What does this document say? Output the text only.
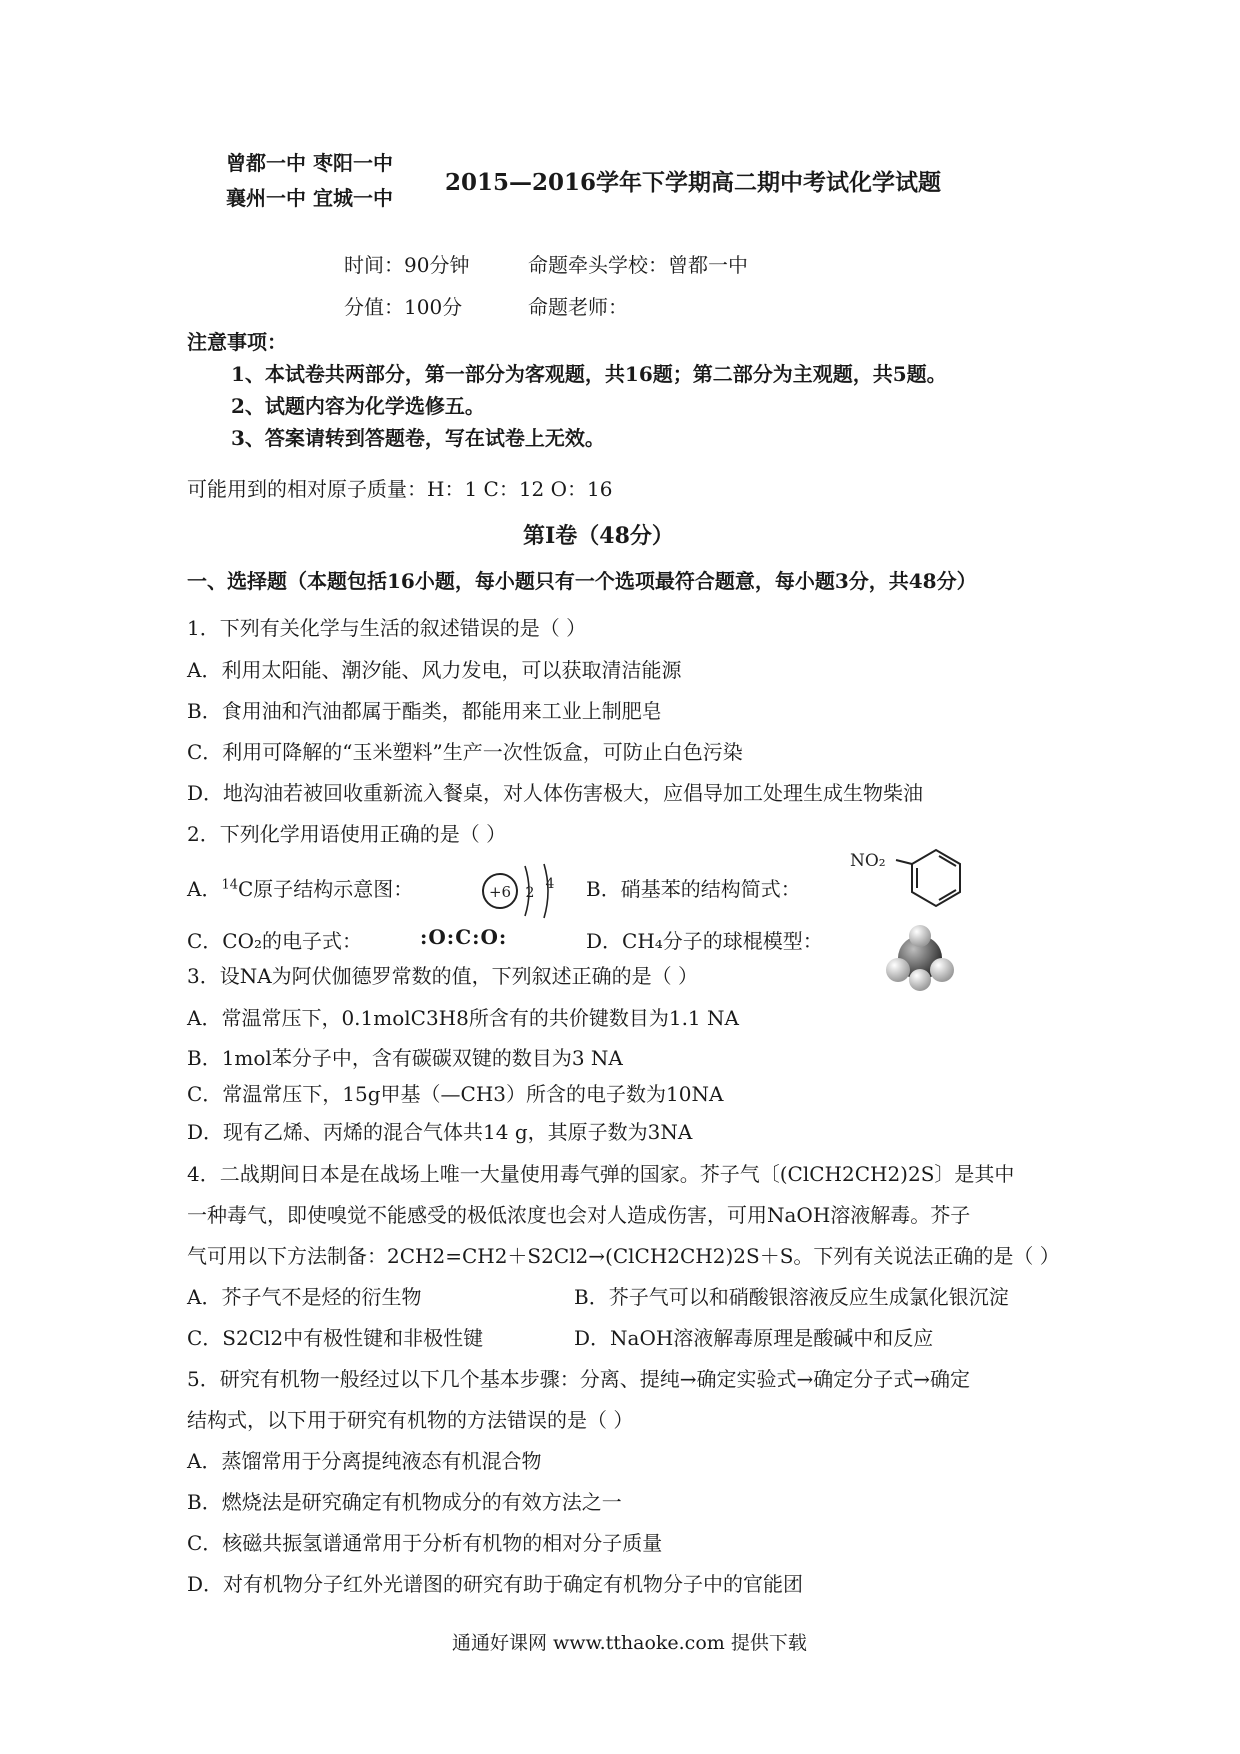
曾都一中 枣阳一中
襄州一中 宜城一中
2015—2016学年下学期高二期中考试化学试题
时间：90分钟	命题牵头学校：曾都一中
分值：100分	命题老师：
注意事项：
1、本试卷共两部分，第一部分为客观题，共16题；第二部分为主观题，共5题。
2、试题内容为化学选修五。
3、答案请转到答题卷，写在试卷上无效。
可能用到的相对原子质量：H：1 C：12 O：16
第Ⅰ卷（48分）
一、选择题（本题包括16小题，每小题只有一个选项最符合题意，每小题3分，共48分）
1．下列有关化学与生活的叙述错误的是（ ）
A．利用太阳能、潮汐能、风力发电，可以获取清洁能源
B．食用油和汽油都属于酯类，都能用来工业上制肥皂
C．利用可降解的“玉米塑料”生产一次性饭盒，可防止白色污染
D．地沟油若被回收重新流入餐桌，对人体伤害极大，应倡导加工处理生成生物柴油
2．下列化学用语使用正确的是（ ）
A．$^{14}$C原子结构示意图：	+6 2
4 B．硝基苯的结构简式：
NO₂
C．CO₂的电子式：	:O:C:O:	D．CH₄分子的球棍模型：
3．设NA为阿伏伽德罗常数的值，下列叙述正确的是（ ）
A．常温常压下，0.1molC3H8所含有的共价键数目为1.1 NA
B．1mol苯分子中，含有碳碳双键的数目为3 NA
C．常温常压下，15g甲基（—CH3）所含的电子数为10NA
D．现有乙烯、丙烯的混合气体共14 g，其原子数为3NA
4．二战期间日本是在战场上唯一大量使用毒气弹的国家。芥子气〔(ClCH2CH2)2S〕是其中
一种毒气，即使嗅觉不能感受的极低浓度也会对人造成伤害，可用NaOH溶液解毒。芥子
气可用以下方法制备：2CH2=CH2＋S2Cl2→(ClCH2CH2)2S＋S。下列有关说法正确的是（ ）
A．芥子气不是烃的衍生物	B．芥子气可以和硝酸银溶液反应生成氯化银沉淀
C．S2Cl2中有极性键和非极性键	D．NaOH溶液解毒原理是酸碱中和反应
5．研究有机物一般经过以下几个基本步骤：分离、提纯→确定实验式→确定分子式→确定
结构式，以下用于研究有机物的方法错误的是（ ）
A．蒸馏常用于分离提纯液态有机混合物
B．燃烧法是研究确定有机物成分的有效方法之一
C．核磁共振氢谱通常用于分析有机物的相对分子质量
D．对有机物分子红外光谱图的研究有助于确定有机物分子中的官能团
通通好课网 www.tthaoke.com 提供下载
